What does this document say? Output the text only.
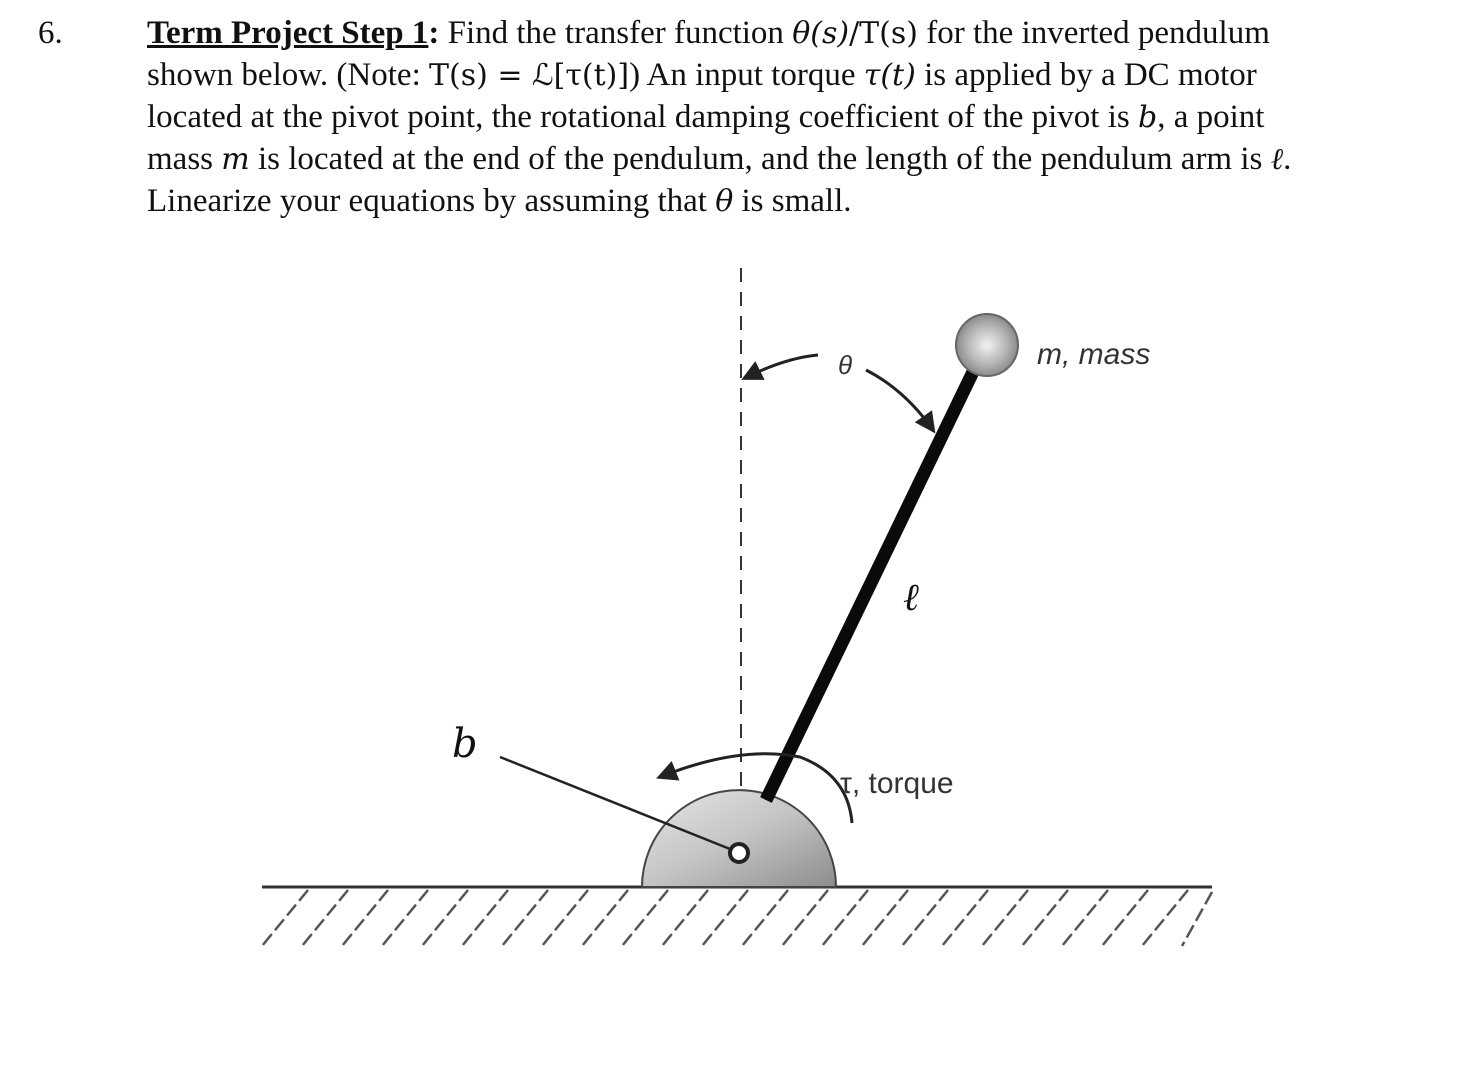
6.	Term Project Step 1: Find the transfer function θ(s)/T(s) for the inverted pendulum
shown below. (Note: T(s) = ℒ[τ(t)]) An input torque τ(t) is applied by a DC motor
located at the pivot point, the rotational damping coefficient of the pivot is b, a point
mass m is located at the end of the pendulum, and the length of the pendulum arm is ℓ.
Linearize your equations by assuming that θ is small.
θ	m, mass
ℓ
b
τ, torque
